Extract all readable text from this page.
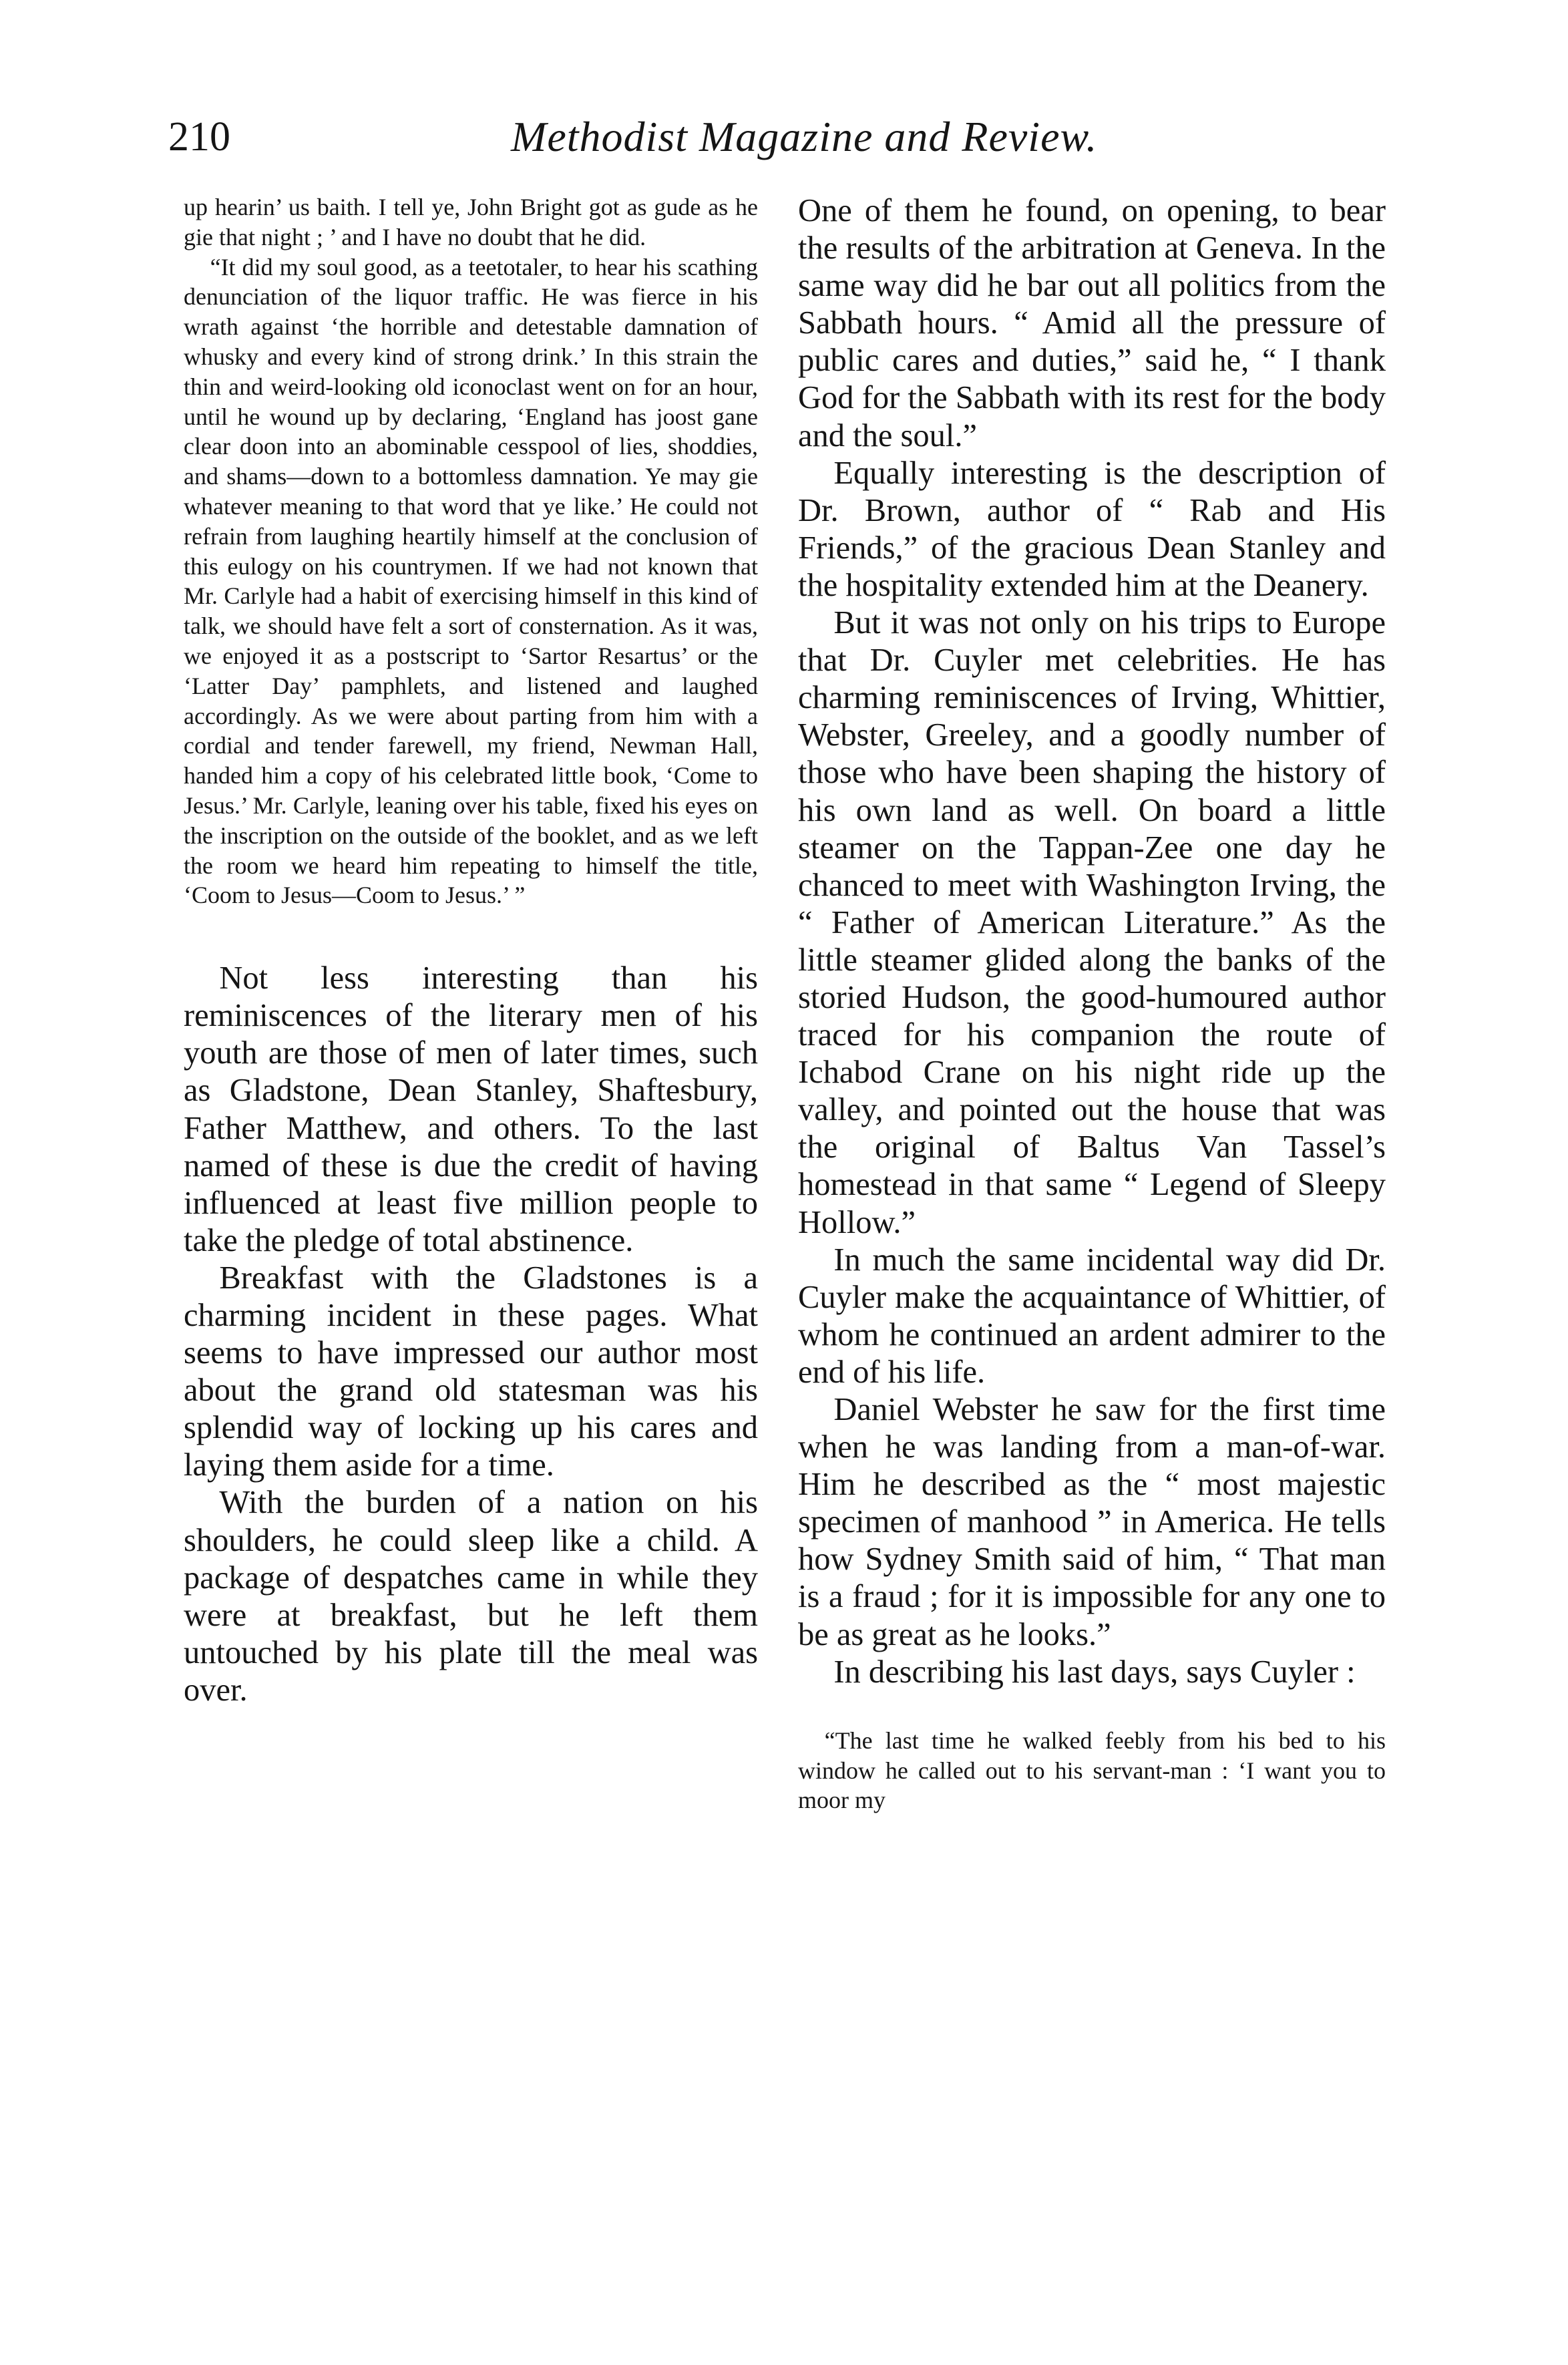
210	Methodist Magazine and Review.

up hearin’ us baith. I tell ye, John Bright got as gude as he gie that night ; ’ and I have no doubt that he did.

“It did my soul good, as a teetotaler, to hear his scathing denunciation of the liquor traffic. He was fierce in his wrath against ‘the horrible and detestable damnation of whusky and every kind of strong drink.’ In this strain the thin and weird-looking old iconoclast went on for an hour, until he wound up by declaring, ‘England has joost gane clear doon into an abominable cesspool of lies, shoddies, and shams—down to a bottomless damnation. Ye may gie whatever meaning to that word that ye like.’ He could not refrain from laughing heartily himself at the conclusion of this eulogy on his countrymen. If we had not known that Mr. Carlyle had a habit of exercising himself in this kind of talk, we should have felt a sort of consternation. As it was, we enjoyed it as a postscript to ‘Sartor Resartus’ or the ‘Latter Day’ pamphlets, and listened and laughed accordingly. As we were about parting from him with a cordial and tender farewell, my friend, Newman Hall, handed him a copy of his celebrated little book, ‘Come to Jesus.’ Mr. Carlyle, leaning over his table, fixed his eyes on the inscription on the outside of the booklet, and as we left the room we heard him repeating to himself the title, ‘Coom to Jesus—Coom to Jesus.’ ”

Not less interesting than his reminiscences of the literary men of his youth are those of men of later times, such as Gladstone, Dean Stanley, Shaftesbury, Father Matthew, and others. To the last named of these is due the credit of having influenced at least five million people to take the pledge of total abstinence.

Breakfast with the Gladstones is a charming incident in these pages. What seems to have impressed our author most about the grand old statesman was his splendid way of locking up his cares and laying them aside for a time.

With the burden of a nation on his shoulders, he could sleep like a child. A package of despatches came in while they were at breakfast, but he left them untouched by his plate till the meal was over.

One of them he found, on opening, to bear the results of the arbitration at Geneva. In the same way did he bar out all politics from the Sabbath hours. “ Amid all the pressure of public cares and duties,” said he, “ I thank God for the Sabbath with its rest for the body and the soul.”

Equally interesting is the description of Dr. Brown, author of “ Rab and His Friends,” of the gracious Dean Stanley and the hospitality extended him at the Deanery.

But it was not only on his trips to Europe that Dr. Cuyler met celebrities. He has charming reminiscences of Irving, Whittier, Webster, Greeley, and a goodly number of those who have been shaping the history of his own land as well. On board a little steamer on the Tappan-Zee one day he chanced to meet with Washington Irving, the “ Father of American Literature.” As the little steamer glided along the banks of the storied Hudson, the good-humoured author traced for his companion the route of Ichabod Crane on his night ride up the valley, and pointed out the house that was the original of Baltus Van Tassel’s homestead in that same “ Legend of Sleepy Hollow.”

In much the same incidental way did Dr. Cuyler make the acquaintance of Whittier, of whom he continued an ardent admirer to the end of his life.

Daniel Webster he saw for the first time when he was landing from a man-of-war. Him he described as the “ most majestic specimen of manhood ” in America. He tells how Sydney Smith said of him, “ That man is a fraud ; for it is impossible for any one to be as great as he looks.”

In describing his last days, says Cuyler :

“The last time he walked feebly from his bed to his window he called out to his servant-man : ‘I want you to moor my
